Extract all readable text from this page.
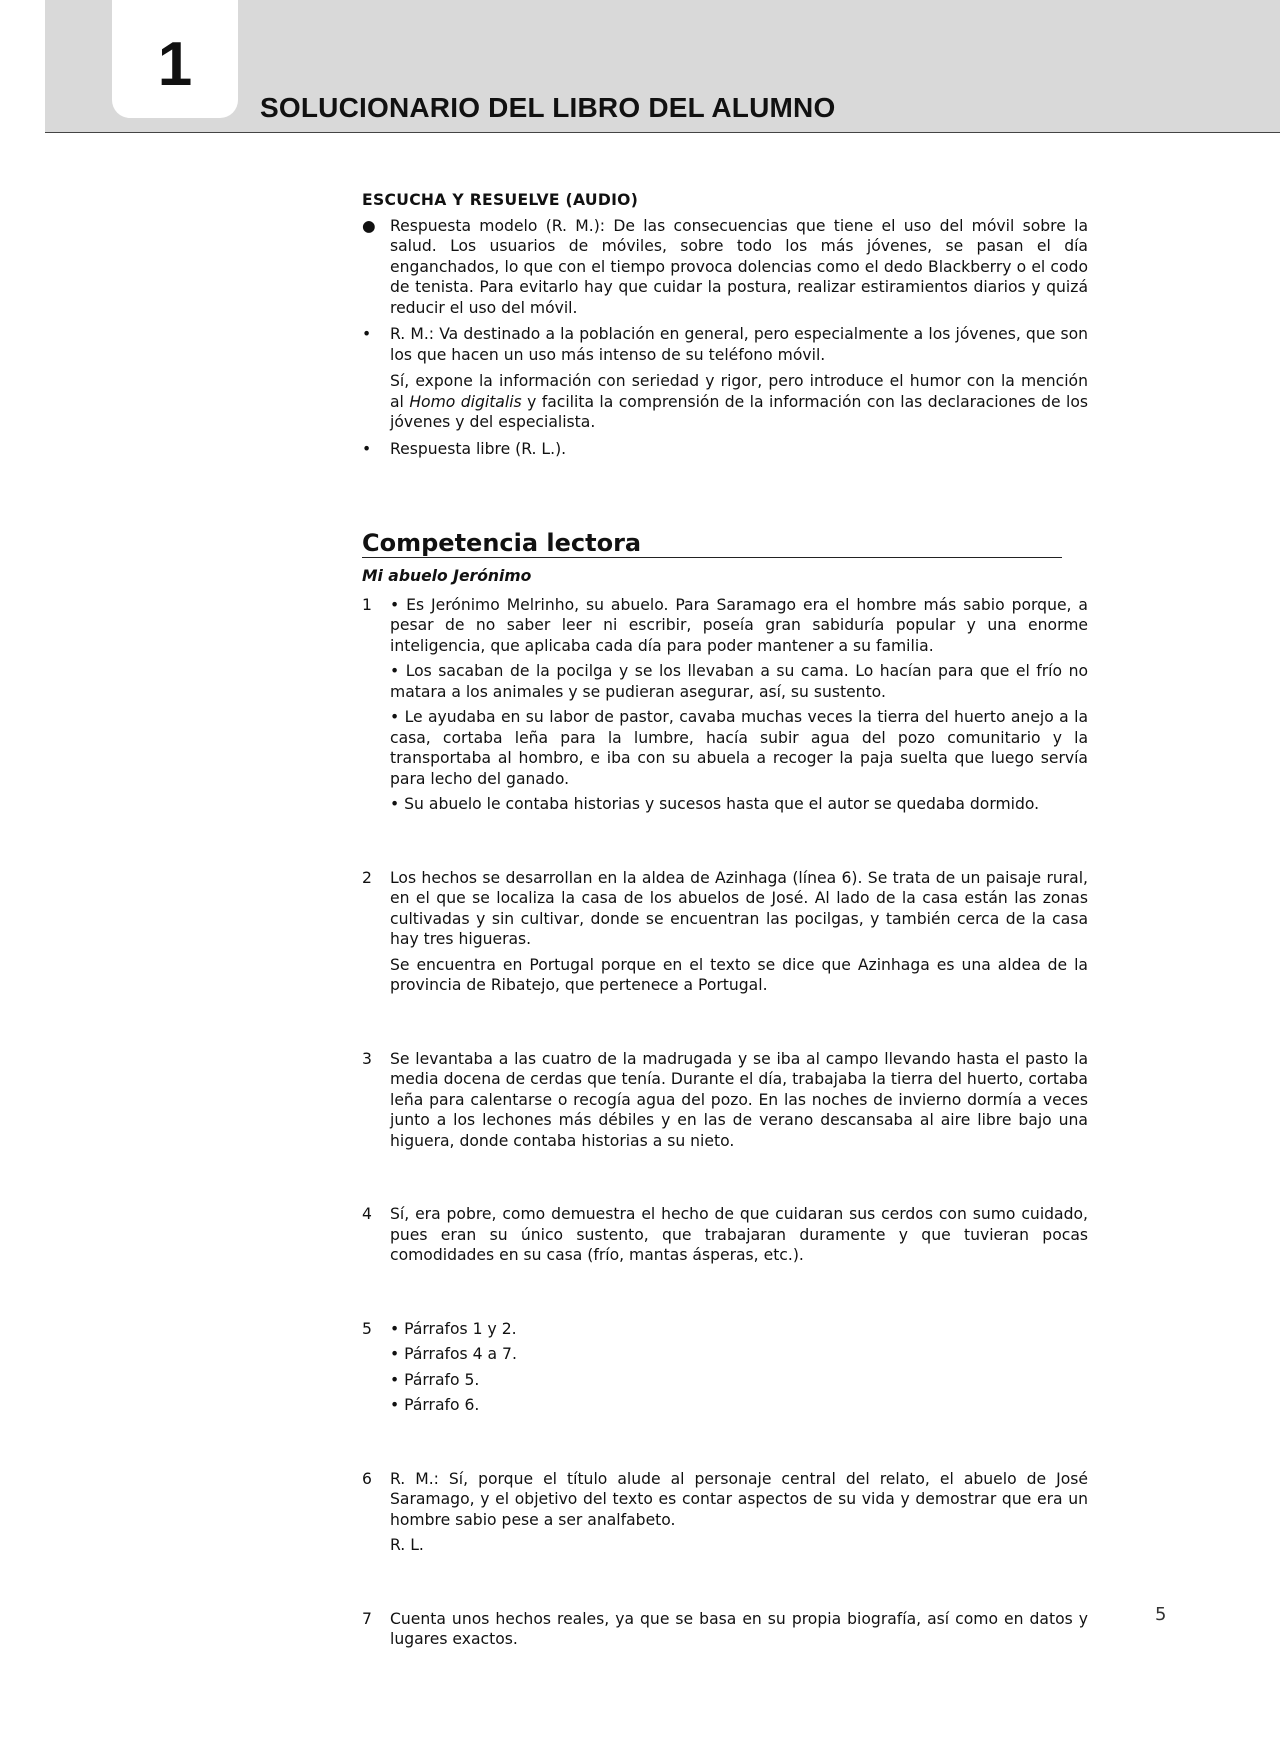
1
SOLUCIONARIO DEL LIBRO DEL ALUMNO
ESCUCHA Y RESUELVE (AUDIO)
● Respuesta modelo (R. M.): De las consecuencias que tiene el uso del móvil sobre la salud. Los usuarios de móviles, sobre todo los más jóvenes, se pasan el día enganchados, lo que con el tiempo provoca dolencias como el dedo Blackberry o el codo de tenista. Para evitarlo hay que cuidar la postura, realizar estiramientos diarios y quizá reducir el uso del móvil.
•	R. M.: Va destinado a la población en general, pero especialmente a los jóvenes, que son los que hacen un uso más intenso de su teléfono móvil.
Sí, expone la información con seriedad y rigor, pero introduce el humor con la mención al Homo digitalis y facilita la comprensión de la información con las declaraciones de los jóvenes y del especialista.
•	Respuesta libre (R. L.).
Competencia lectora
Mi abuelo Jerónimo
1	• Es Jerónimo Melrinho, su abuelo. Para Saramago era el hombre más sabio porque, a pesar de no saber leer ni escribir, poseía gran sabiduría popular y una enorme inteligencia, que aplicaba cada día para poder mantener a su familia.
• Los sacaban de la pocilga y se los llevaban a su cama. Lo hacían para que el frío no matara a los animales y se pudieran asegurar, así, su sustento.
• Le ayudaba en su labor de pastor, cavaba muchas veces la tierra del huerto anejo a la casa, cortaba leña para la lumbre, hacía subir agua del pozo comunitario y la transportaba al hombro, e iba con su abuela a recoger la paja suelta que luego servía para lecho del ganado.
• Su abuelo le contaba historias y sucesos hasta que el autor se quedaba dormido.
2	Los hechos se desarrollan en la aldea de Azinhaga (línea 6). Se trata de un paisaje rural, en el que se localiza la casa de los abuelos de José. Al lado de la casa están las zonas cultivadas y sin cultivar, donde se encuentran las pocilgas, y también cerca de la casa hay tres higueras.
Se encuentra en Portugal porque en el texto se dice que Azinhaga es una aldea de la provincia de Ribatejo, que pertenece a Portugal.
3	Se levantaba a las cuatro de la madrugada y se iba al campo llevando hasta el pasto la media docena de cerdas que tenía. Durante el día, trabajaba la tierra del huerto, cortaba leña para calentarse o recogía agua del pozo. En las noches de invierno dormía a veces junto a los lechones más débiles y en las de verano descansaba al aire libre bajo una higuera, donde contaba historias a su nieto.
4	Sí, era pobre, como demuestra el hecho de que cuidaran sus cerdos con sumo cuidado, pues eran su único sustento, que trabajaran duramente y que tuvieran pocas comodidades en su casa (frío, mantas ásperas, etc.).
5	• Párrafos 1 y 2.
• Párrafos 4 a 7.
• Párrafo 5.
• Párrafo 6.
6	R. M.: Sí, porque el título alude al personaje central del relato, el abuelo de José Saramago, y el objetivo del texto es contar aspectos de su vida y demostrar que era un hombre sabio pese a ser analfabeto.
R. L.
7	Cuenta unos hechos reales, ya que se basa en su propia biografía, así como en datos y lugares exactos.
5
